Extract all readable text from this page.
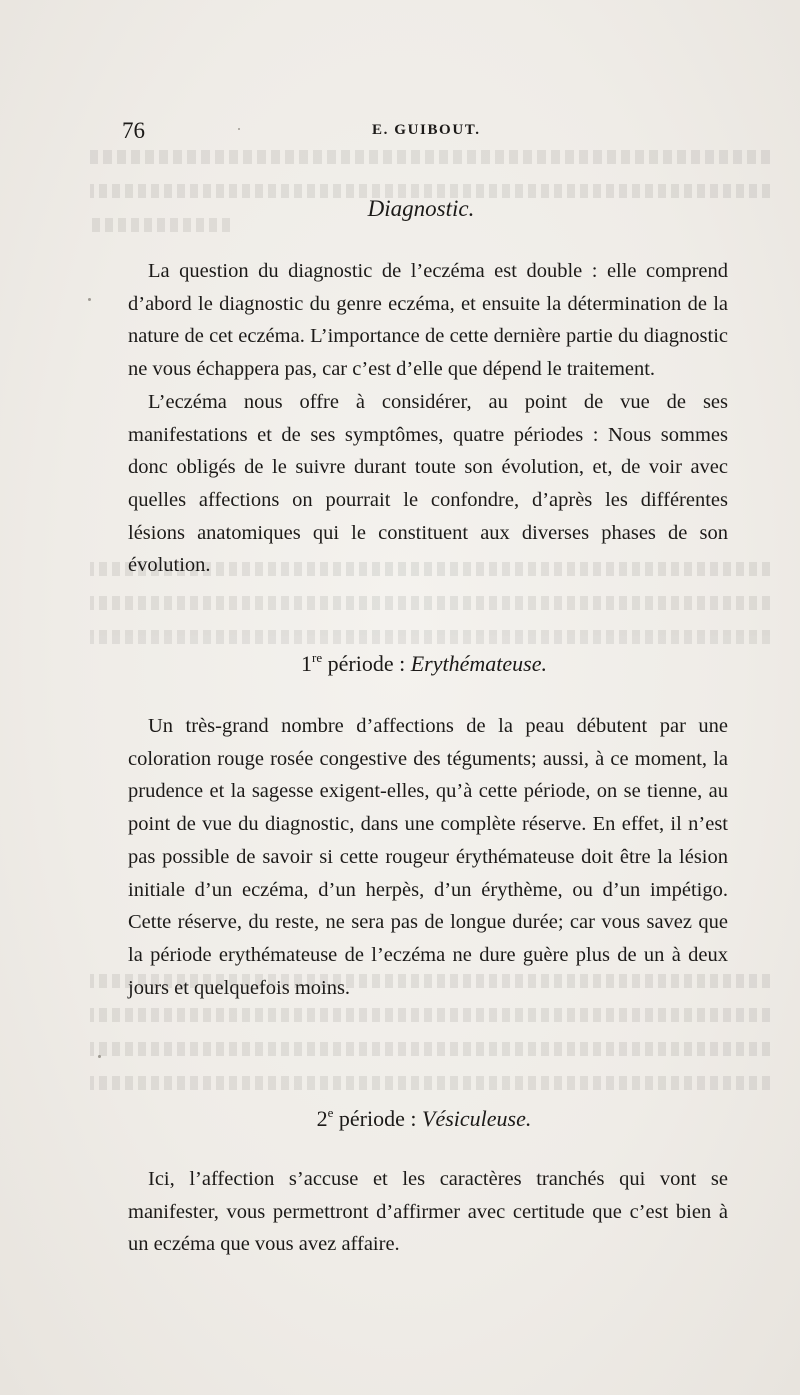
76	E. GUIBOUT.
Diagnostic.

La question du diagnostic de l’eczéma est double : elle comprend d’abord le diagnostic du genre eczéma, et ensuite la détermination de la nature de cet eczéma. L’importance de cette dernière partie du diagnostic ne vous échappera pas, car c’est d’elle que dépend le traitement.

L’eczéma nous offre à considérer, au point de vue de ses manifestations et de ses symptômes, quatre périodes : Nous sommes donc obligés de le suivre durant toute son évolution, et, de voir avec quelles affections on pourrait le confondre, d’après les différentes lésions anatomiques qui le constituent aux diverses phases de son évolution.

1re période : Erythémateuse.

Un très-grand nombre d’affections de la peau débutent par une coloration rouge rosée congestive des téguments; aussi, à ce moment, la prudence et la sagesse exigent-elles, qu’à cette période, on se tienne, au point de vue du diagnostic, dans une complète réserve. En effet, il n’est pas possible de savoir si cette rougeur érythémateuse doit être la lésion initiale d’un eczéma, d’un herpès, d’un érythème, ou d’un impétigo. Cette réserve, du reste, ne sera pas de longue durée; car vous savez que la période erythémateuse de l’eczéma ne dure guère plus de un à deux jours et quelquefois moins.

2e période : Vésiculeuse.

Ici, l’affection s’accuse et les caractères tranchés qui vont se manifester, vous permettront d’affirmer avec certitude que c’est bien à un eczéma que vous avez affaire.
